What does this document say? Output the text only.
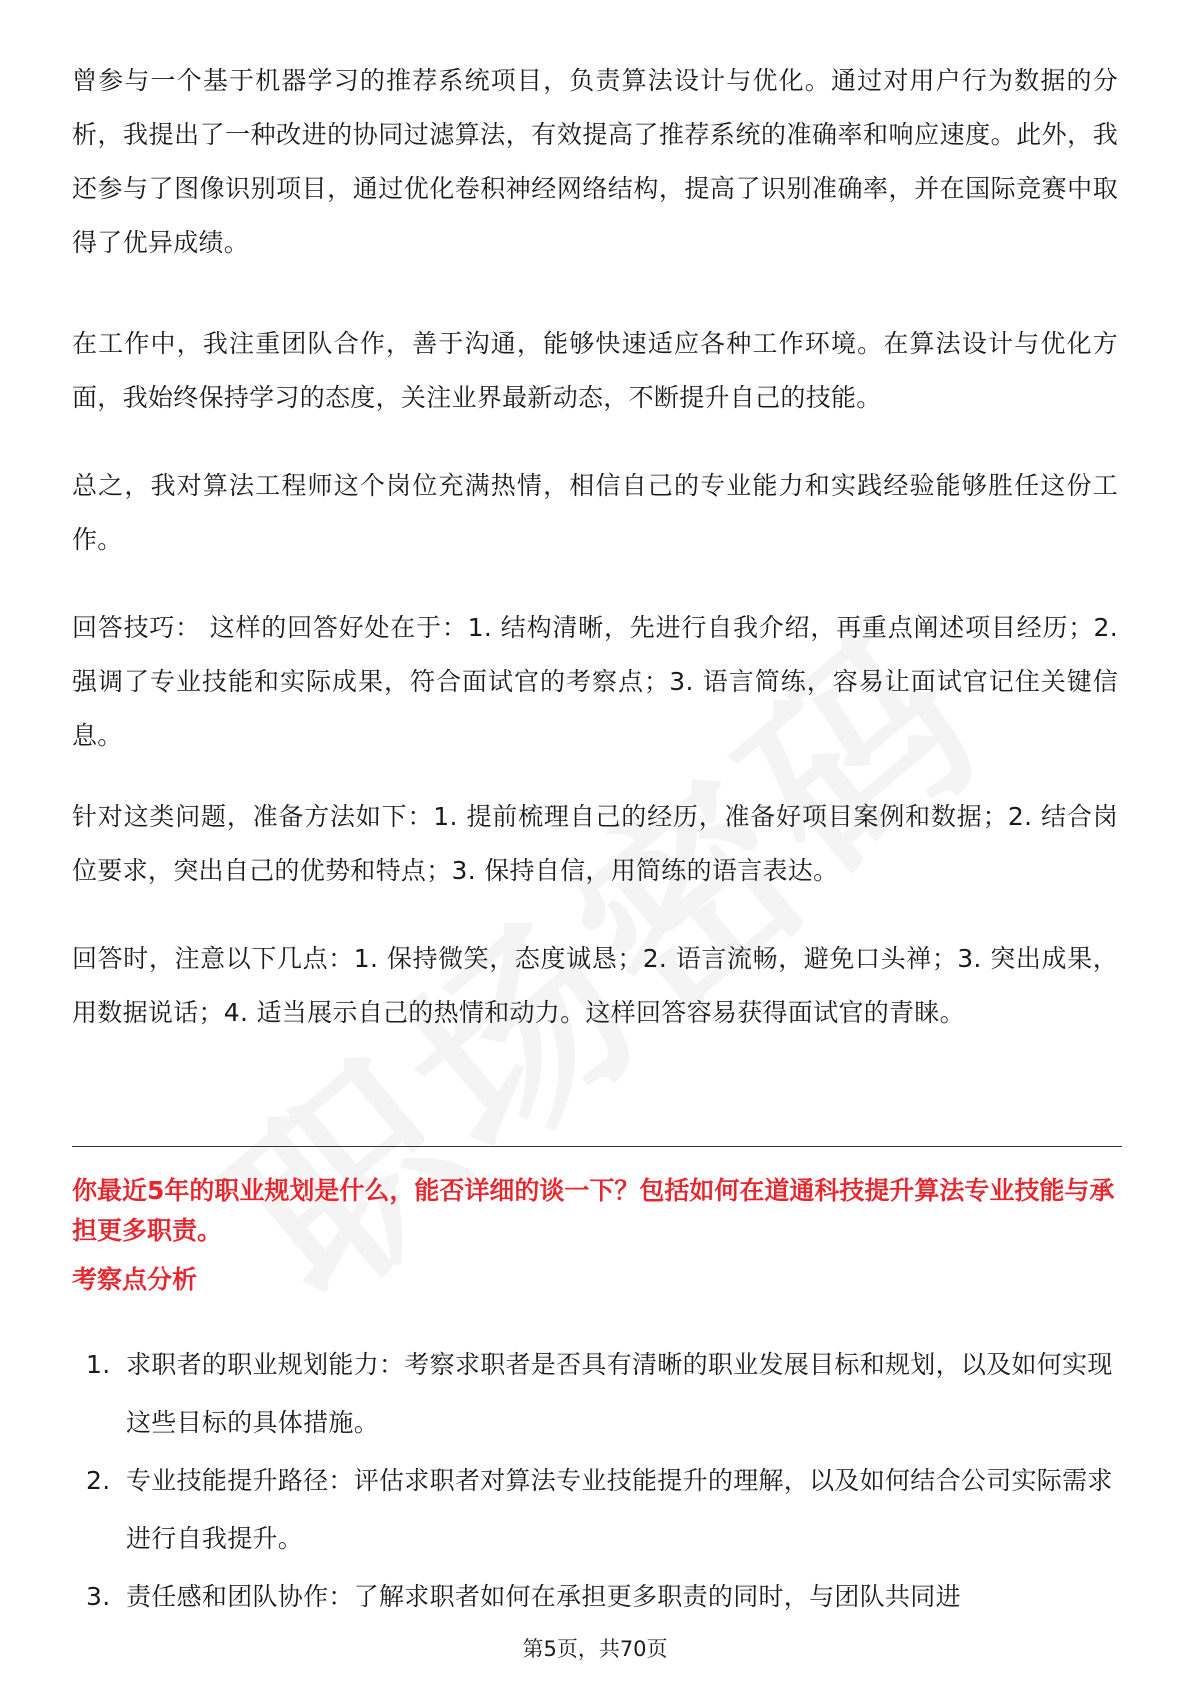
曾参与一个基于机器学习的推荐系统项目，负责算法设计与优化。通过对用户行为数据的分析，我提出了一种改进的协同过滤算法，有效提高了推荐系统的准确率和响应速度。此外，我还参与了图像识别项目，通过优化卷积神经网络结构，提高了识别准确率，并在国际竞赛中取得了优异成绩。

在工作中，我注重团队合作，善于沟通，能够快速适应各种工作环境。在算法设计与优化方面，我始终保持学习的态度，关注业界最新动态，不断提升自己的技能。

总之，我对算法工程师这个岗位充满热情，相信自己的专业能力和实践经验能够胜任这份工作。

回答技巧： 这样的回答好处在于：1. 结构清晰，先进行自我介绍，再重点阐述项目经历；2. 强调了专业技能和实际成果，符合面试官的考察点；3. 语言简练，容易让面试官记住关键信息。

针对这类问题，准备方法如下：1. 提前梳理自己的经历，准备好项目案例和数据；2. 结合岗位要求，突出自己的优势和特点；3. 保持自信，用简练的语言表达。

回答时，注意以下几点：1. 保持微笑，态度诚恳；2. 语言流畅，避免口头禅；3. 突出成果，用数据说话；4. 适当展示自己的热情和动力。这样回答容易获得面试官的青睐。

你最近5年的职业规划是什么，能否详细的谈一下？包括如何在道通科技提升算法专业技能与承担更多职责。

考察点分析

1. 求职者的职业规划能力：考察求职者是否具有清晰的职业发展目标和规划，以及如何实现这些目标的具体措施。
2. 专业技能提升路径：评估求职者对算法专业技能提升的理解，以及如何结合公司实际需求进行自我提升。
3. 责任感和团队协作：了解求职者如何在承担更多职责的同时，与团队共同进
第5页，共70页
